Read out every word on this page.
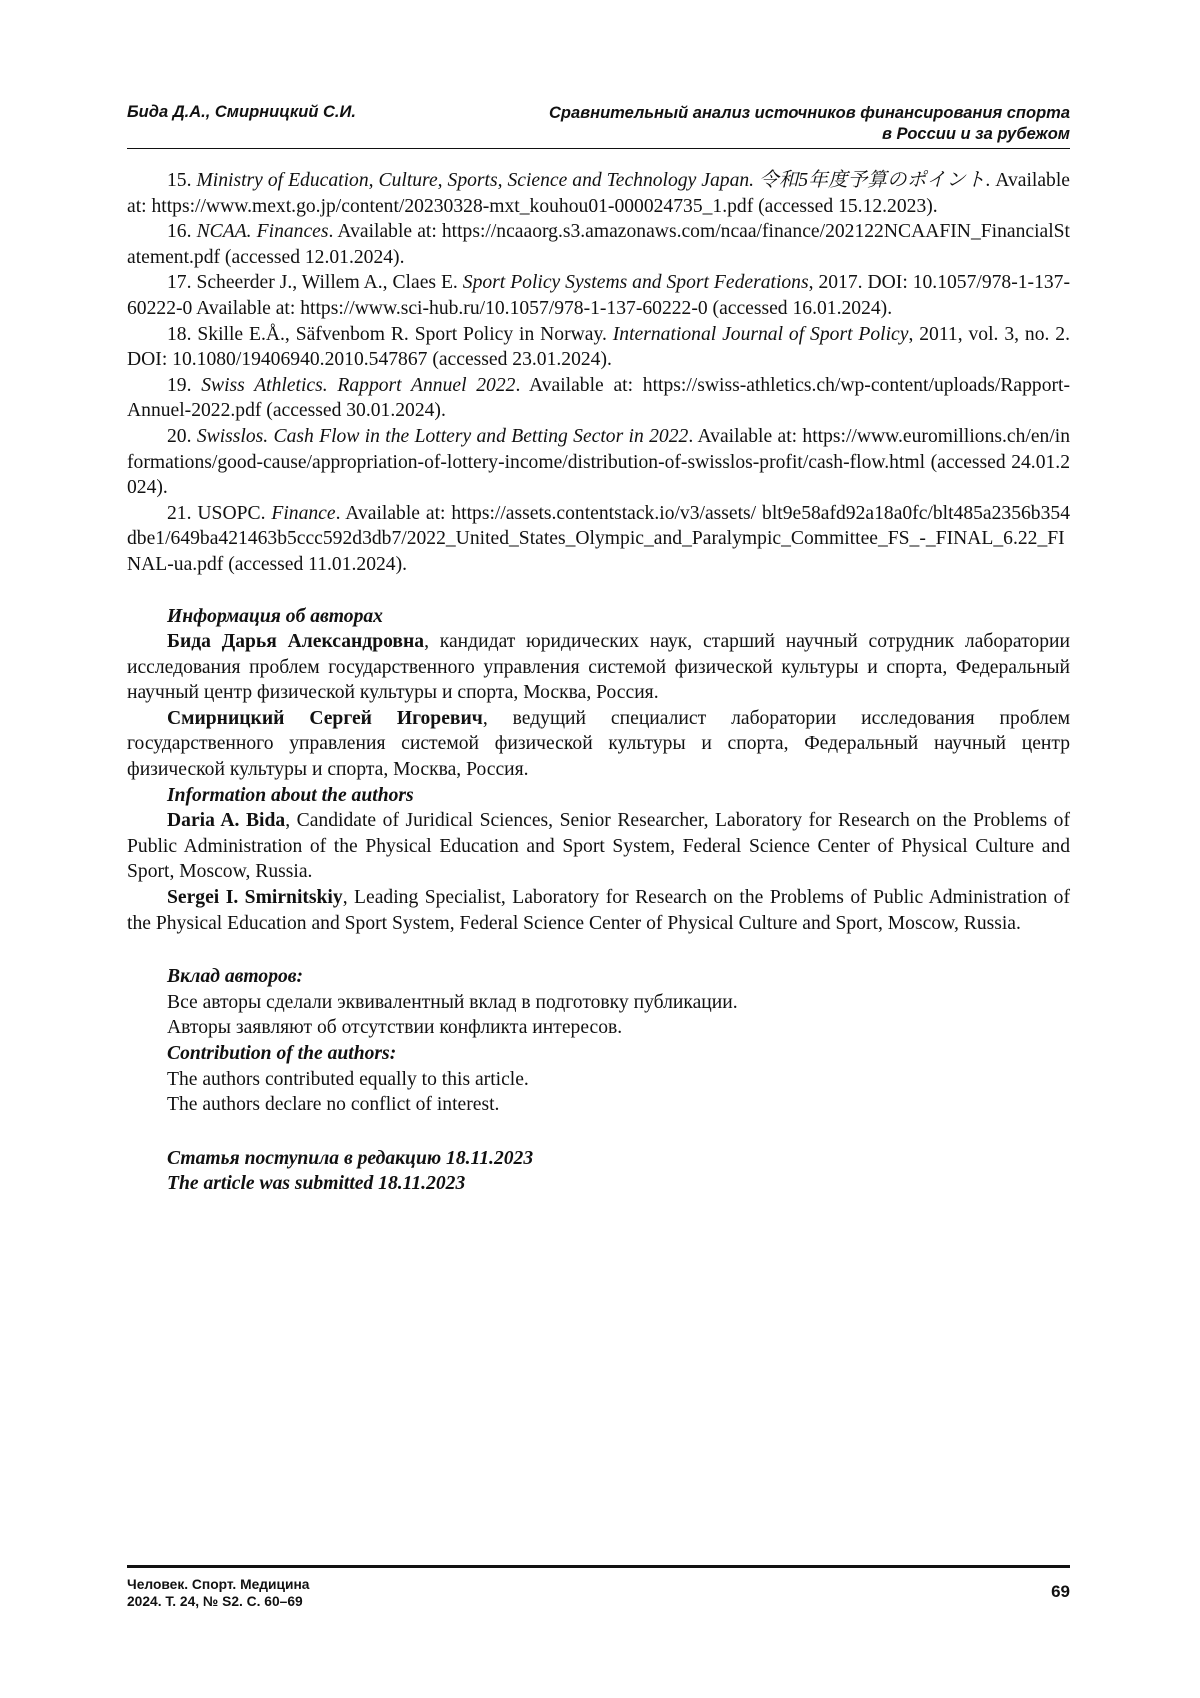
Бида Д.А., Смирницкий С.И.	Сравнительный анализ источников финансирования спорта
в России и за рубежом

15. Ministry of Education, Culture, Sports, Science and Technology Japan. 令和5年度予算のポイント. Available at: https://www.mext.go.jp/content/20230328-mxt_kouhou01-000024735_1.pdf (accessed 15.12.2023).

16. NCAA. Finances. Available at: https://ncaaorg.s3.amazonaws.com/ncaa/finance/202122NCAAFIN_FinancialStatement.pdf (accessed 12.01.2024).

17. Scheerder J., Willem A., Claes E. Sport Policy Systems and Sport Federations, 2017. DOI: 10.1057/978-1-137-60222-0 Available at: https://www.sci-hub.ru/10.1057/978-1-137-60222-0 (accessed 16.01.2024).

18. Skille E.Å., Säfvenbom R. Sport Policy in Norway. International Journal of Sport Policy, 2011, vol. 3, no. 2. DOI: 10.1080/19406940.2010.547867 (accessed 23.01.2024).

19. Swiss Athletics. Rapport Annuel 2022. Available at: https://swiss-athletics.ch/wp-content/uploads/Rapport-Annuel-2022.pdf (accessed 30.01.2024).

20. Swisslos. Cash Flow in the Lottery and Betting Sector in 2022. Available at: https://www.euromillions.ch/en/informations/good-cause/appropriation-of-lottery-income/distribution-of-swisslos-profit/cash-flow.html (accessed 24.01.2024).

21. USOPC. Finance. Available at: https://assets.contentstack.io/v3/assets/ blt9e58afd92a18a0fc/blt485a2356b354dbe1/649ba421463b5ccc592d3db7/2022_United_States_Olympic_and_Paralympic_Committee_FS_-_FINAL_6.22_FINAL-ua.pdf (accessed 11.01.2024).

Информация об авторах

Бида Дарья Александровна, кандидат юридических наук, старший научный сотрудник лаборатории исследования проблем государственного управления системой физической культуры и спорта, Федеральный научный центр физической культуры и спорта, Москва, Россия.

Смирницкий Сергей Игоревич, ведущий специалист лаборатории исследования проблем государственного управления системой физической культуры и спорта, Федеральный научный центр физической культуры и спорта, Москва, Россия.

Information about the authors

Daria A. Bida, Candidate of Juridical Sciences, Senior Researcher, Laboratory for Research on the Problems of Public Administration of the Physical Education and Sport System, Federal Science Center of Physical Culture and Sport, Moscow, Russia.

Sergei I. Smirnitskiy, Leading Specialist, Laboratory for Research on the Problems of Public Administration of the Physical Education and Sport System, Federal Science Center of Physical Culture and Sport, Moscow, Russia.

Вклад авторов:

Все авторы сделали эквивалентный вклад в подготовку публикации.

Авторы заявляют об отсутствии конфликта интересов.

Contribution of the authors:

The authors contributed equally to this article.

The authors declare no conflict of interest.

Статья поступила в редакцию 18.11.2023

The article was submitted 18.11.2023

Человек. Спорт. Медицина
2024. Т. 24, № S2. С. 60–69
69
